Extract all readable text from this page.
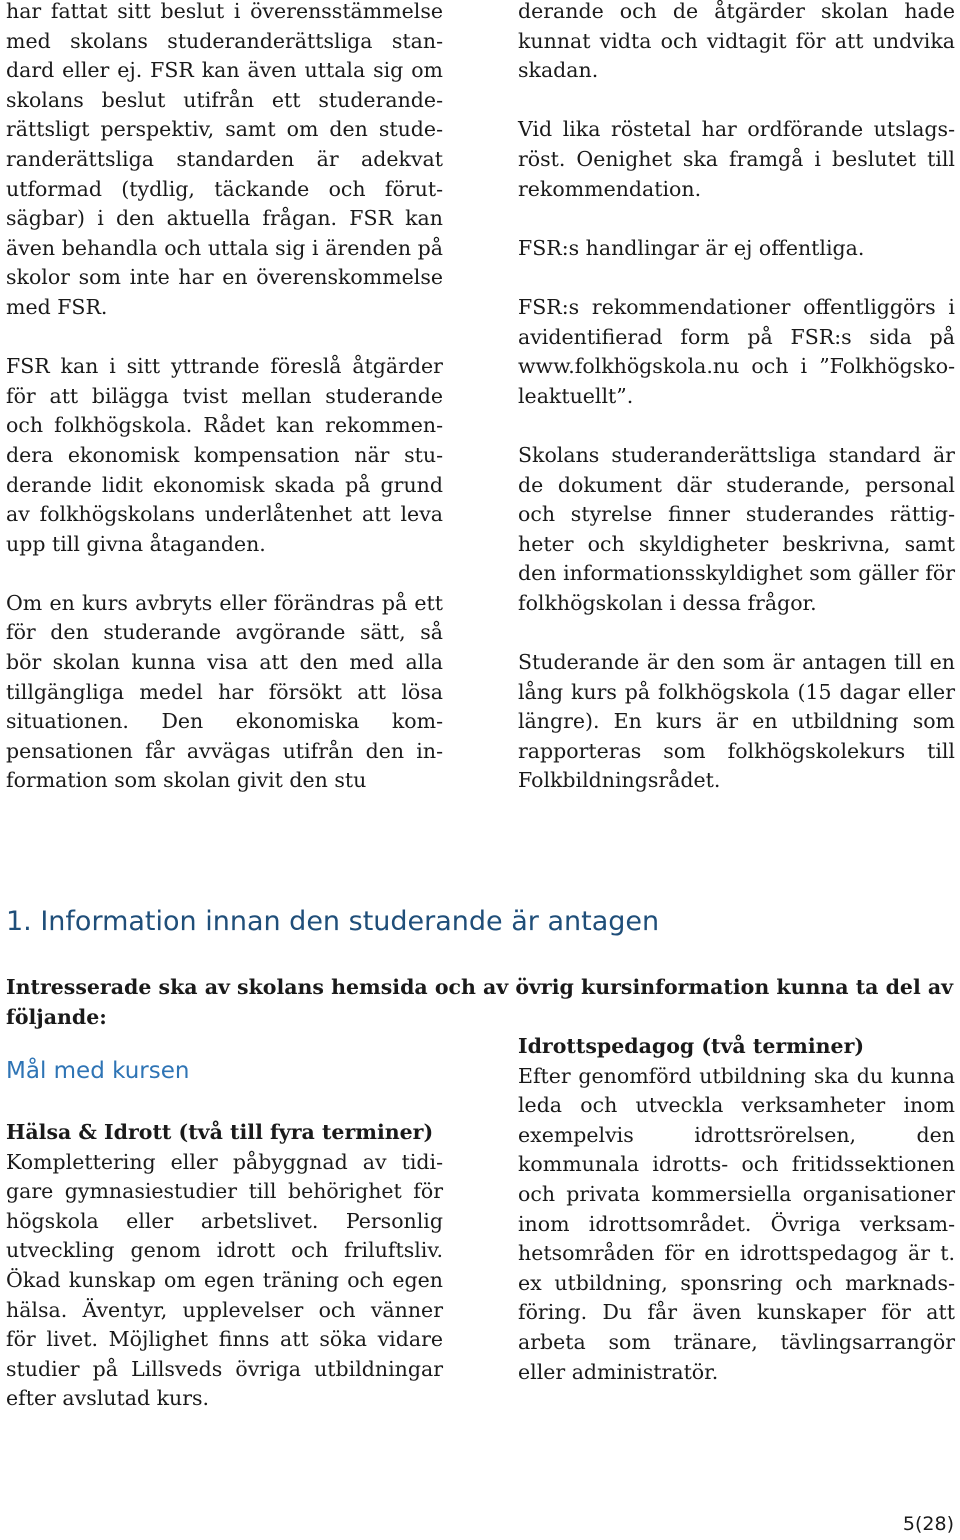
har fattat sitt beslut i överensstämmelse med skolans studeranderättsliga standard eller ej. FSR kan även uttala sig om skolans beslut utifrån ett studeranderättsligt perspektiv, samt om den studeranderättsliga standarden är adekvat utformad (tydlig, täckande och förutsägbar) i den aktuella frågan. FSR kan även behandla och uttala sig i ärenden på skolor som inte har en överenskommelse med FSR.

FSR kan i sitt yttrande föreslå åtgärder för att bilägga tvist mellan studerande och folkhögskola. Rådet kan rekommendera ekonomisk kompensation när studerande lidit ekonomisk skada på grund av folkhögskolans underlåtenhet att leva upp till givna åtaganden.

Om en kurs avbryts eller förändras på ett för den studerande avgörande sätt, så bör skolan kunna visa att den med alla tillgängliga medel har försökt att lösa situationen. Den ekonomiska kompensationen får avvägas utifrån den information som skolan givit den stu

derande och de åtgärder skolan hade kunnat vidta och vidtagit för att undvika skadan.

Vid lika röstetal har ordförande utslagsröst. Oenighet ska framgå i beslutet till rekommendation.

FSR:s handlingar är ej offentliga.

FSR:s rekommendationer offentliggörs i avidentifierad form på FSR:s sida på www.folkhögskola.nu och i ”Folkhögskoleaktuellt”.

Skolans studeranderättsliga standard är de dokument där studerande, personal och styrelse finner studerandes rättigheter och skyldigheter beskrivna, samt den informationsskyldighet som gäller för folkhögskolan i dessa frågor.

Studerande är den som är antagen till en lång kurs på folkhögskola (15 dagar eller längre). En kurs är en utbildning som rapporteras som folkhögskolekurs till Folkbildningsrådet.

1. Information innan den studerande är antagen

Intresserade ska av skolans hemsida och av övrig kursinformation kunna ta del av följande:

Mål med kursen
Hälsa & Idrott (två till fyra terminer)
Komplettering eller påbyggnad av tidigare gymnasiestudier till behörighet för högskola eller arbetslivet. Personlig utveckling genom idrott och friluftsliv. Ökad kunskap om egen träning och egen hälsa. Äventyr, upplevelser och vänner för livet. Möjlighet finns att söka vidare studier på Lillsveds övriga utbildningar efter avslutad kurs.
Idrottspedagog (två terminer)
Efter genomförd utbildning ska du kunna leda och utveckla verksamheter inom exempelvis idrottsrörelsen, den kommunala idrotts- och fritidssektionen och privata kommersiella organisationer inom idrottsområdet. Övriga verksamhetsområden för en idrottspedagog är t. ex utbildning, sponsring och marknadsföring. Du får även kunskaper för att arbeta som tränare, tävlingsarrangör eller administratör.
5(28)
